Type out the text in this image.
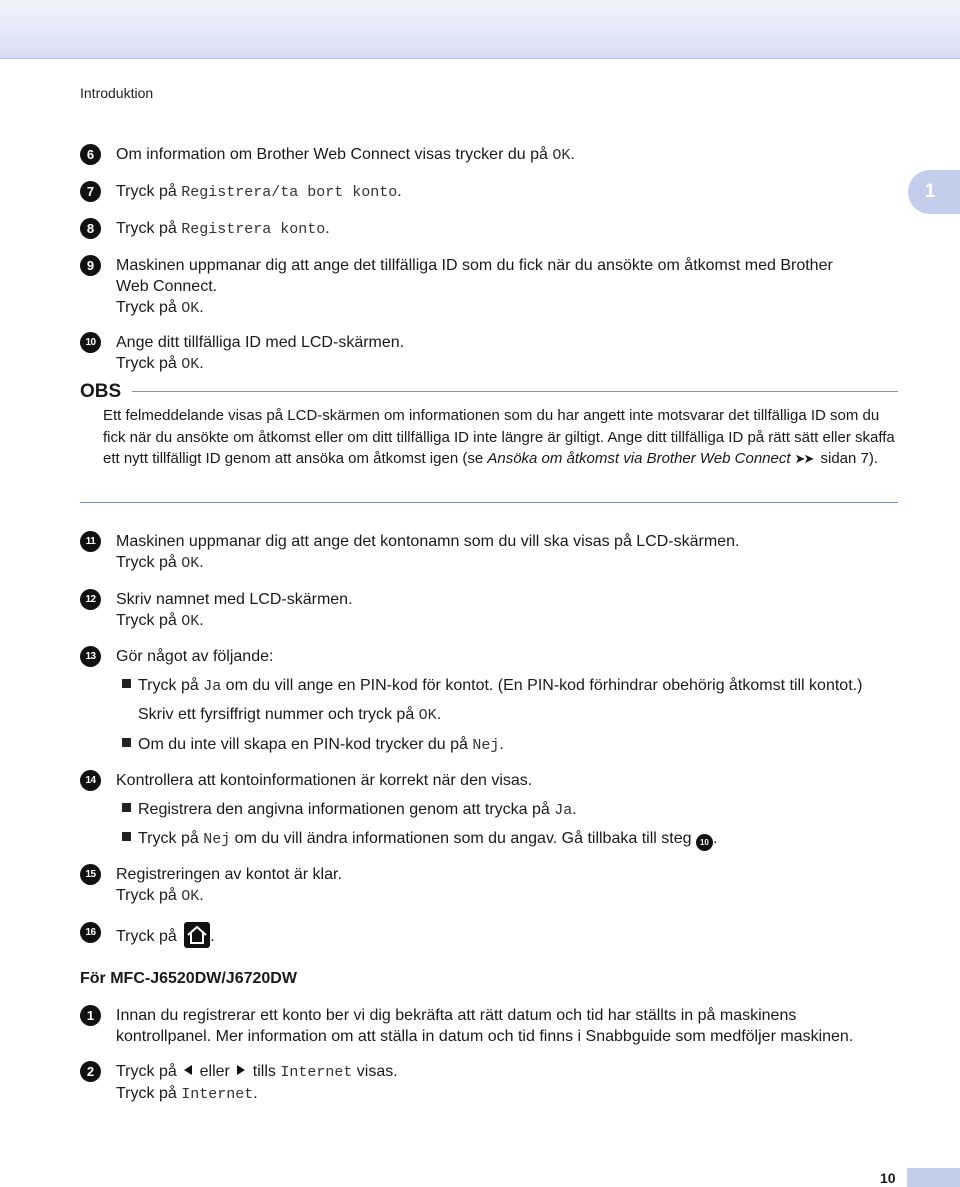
Introduktion
1
6	Om information om Brother Web Connect visas trycker du på OK.
7	Tryck på Registrera/ta bort konto.
8	Tryck på Registrera konto.
9	Maskinen uppmanar dig att ange det tillfälliga ID som du fick när du ansökte om åtkomst med Brother
Web Connect.
Tryck på OK.
10	Ange ditt tillfälliga ID med LCD-skärmen.
Tryck på OK.
OBS
Ett felmeddelande visas på LCD-skärmen om informationen som du har angett inte motsvarar det tillfälliga ID som du fick när du ansökte om åtkomst eller om ditt tillfälliga ID inte längre är giltigt. Ange ditt tillfälliga ID på rätt sätt eller skaffa ett nytt tillfälligt ID genom att ansöka om åtkomst igen (se Ansöka om åtkomst via Brother Web Connect ➤➤ sidan 7).
11	Maskinen uppmanar dig att ange det kontonamn som du vill ska visas på LCD-skärmen.
Tryck på OK.
12	Skriv namnet med LCD-skärmen.
Tryck på OK.
13	Gör något av följande:
Tryck på Ja om du vill ange en PIN-kod för kontot. (En PIN-kod förhindrar obehörig åtkomst till kontot.)
Skriv ett fyrsiffrigt nummer och tryck på OK.
Om du inte vill skapa en PIN-kod trycker du på Nej.
14	Kontrollera att kontoinformationen är korrekt när den visas.
Registrera den angivna informationen genom att trycka på Ja.
Tryck på Nej om du vill ändra informationen som du angav. Gå tillbaka till steg 10 .
15	Registreringen av kontot är klar.
Tryck på OK.
16	Tryck på .
För MFC-J6520DW/J6720DW
1	Innan du registrerar ett konto ber vi dig bekräfta att rätt datum och tid har ställts in på maskinens
kontrollpanel. Mer information om att ställa in datum och tid finns i Snabbguide som medföljer maskinen.
2	Tryck på  eller  tills Internet visas.
Tryck på Internet.
10
